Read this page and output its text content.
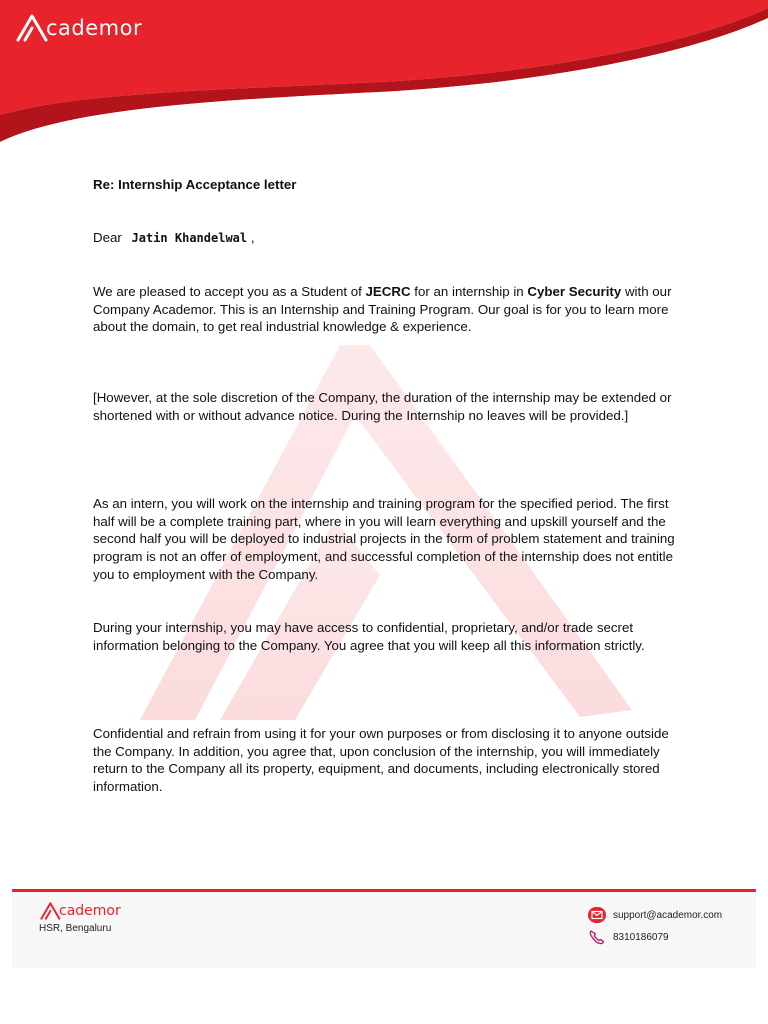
cademor
Re: Internship Acceptance letter
Dear Jatin Khandelwal ,

We are pleased to accept you as a Student of JECRC for an internship in Cyber Security with our Company Academor. This is an Internship and Training Program. Our goal is for you to learn more about the domain, to get real industrial knowledge & experience.

[However, at the sole discretion of the Company, the duration of the internship may be extended or shortened with or without advance notice. During the Internship no leaves will be provided.]

As an intern, you will work on the internship and training program for the specified period. The first half will be a complete training part, where in you will learn everything and upskill yourself and the second half you will be deployed to industrial projects in the form of problem statement and training program is not an offer of employment, and successful completion of the internship does not entitle you to employment with the Company.

During your internship, you may have access to confidential, proprietary, and/or trade secret information belonging to the Company. You agree that you will keep all this information strictly.

Confidential and refrain from using it for your own purposes or from disclosing it to anyone outside the Company. In addition, you agree that, upon conclusion of the internship, you will immediately return to the Company all its property, equipment, and documents, including electronically stored information.

cademor
HSR, Bengaluru
support@academor.com
8310186079
